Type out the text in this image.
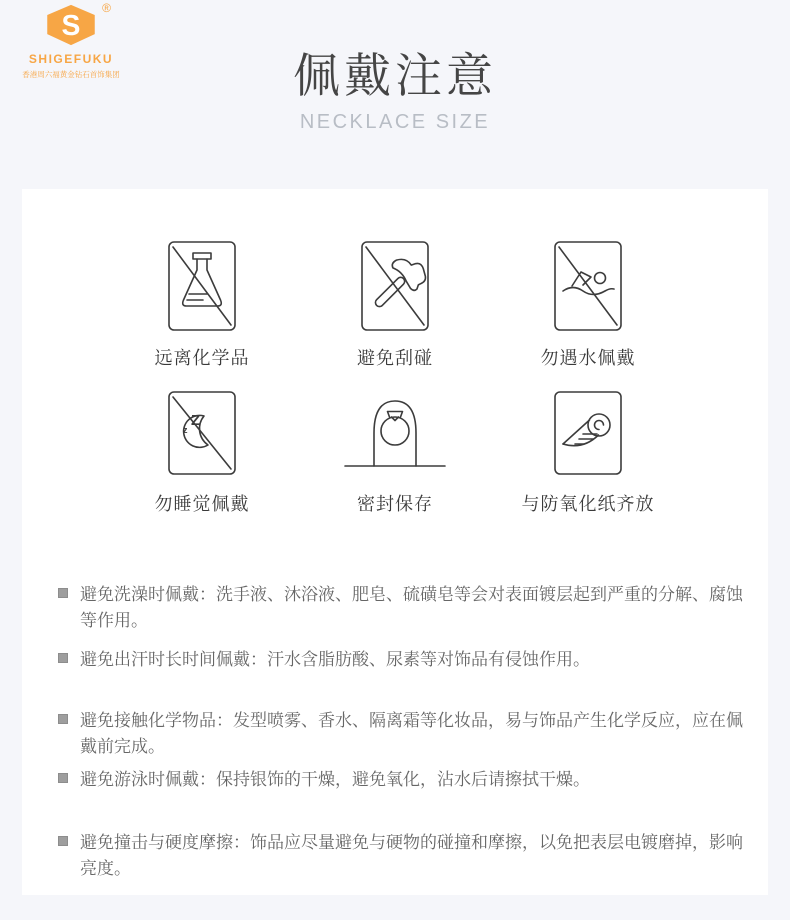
S
®
SHIGEFUKU
香港周六福黄金钻石首饰集团	佩戴注意
NECKLACE SIZE
远离化学品	避免刮碰	勿遇水佩戴
Z
z
勿睡觉佩戴	密封保存	与防氧化纸齐放

避免洗澡时佩戴：洗手液、沐浴液、肥皂、硫磺皂等会对表面镀层起到严重的分解、腐蚀等作用。

避免出汗时长时间佩戴：汗水含脂肪酸、尿素等对饰品有侵蚀作用。

避免接触化学物品：发型喷雾、香水、隔离霜等化妆品，易与饰品产生化学反应，应在佩戴前完成。

避免游泳时佩戴：保持银饰的干燥，避免氧化，沾水后请擦拭干燥。

避免撞击与硬度摩擦：饰品应尽量避免与硬物的碰撞和摩擦，以免把表层电镀磨掉，影响亮度。
